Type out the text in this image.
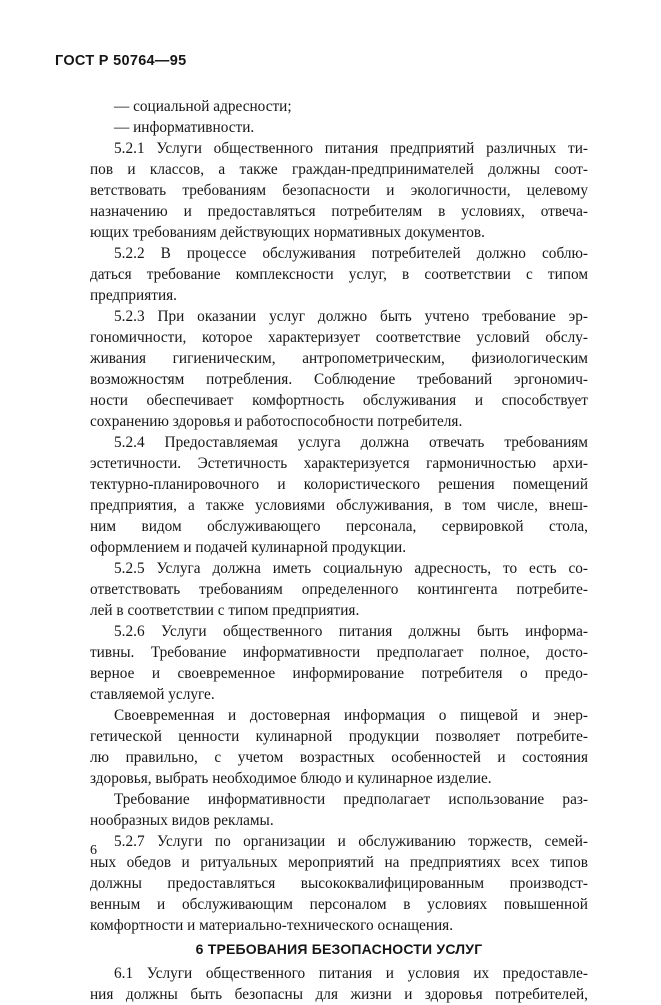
ГОСТ Р 50764—95
— социальной адресности;
— информативности.
5.2.1 Услуги общественного питания предприятий различных ти-
пов и классов, а также граждан-предпринимателей должны соот-
ветствовать требованиям безопасности и экологичности, целевому
назначению и предоставляться потребителям в условиях, отвеча-
ющих требованиям действующих нормативных документов.
5.2.2 В процессе обслуживания потребителей должно соблю-
даться требование комплексности услуг, в соответствии с типом
предприятия.
5.2.3 При оказании услуг должно быть учтено требование эр-
гономичности, которое характеризует соответствие условий обслу-
живания гигиеническим, антропометрическим, физиологическим
возможностям потребления. Соблюдение требований эргономич-
ности обеспечивает комфортность обслуживания и способствует
сохранению здоровья и работоспособности потребителя.
5.2.4 Предоставляемая услуга должна отвечать требованиям
эстетичности. Эстетичность характеризуется гармоничностью архи-
тектурно-планировочного и колористического решения помещений
предприятия, а также условиями обслуживания, в том числе, внеш-
ним видом обслуживающего персонала, сервировкой стола,
оформлением и подачей кулинарной продукции.
5.2.5 Услуга должна иметь социальную адресность, то есть со-
ответствовать требованиям определенного контингента потребите-
лей в соответствии с типом предприятия.
5.2.6 Услуги общественного питания должны быть информа-
тивны. Требование информативности предполагает полное, досто-
верное и своевременное информирование потребителя о предо-
ставляемой услуге.
Своевременная и достоверная информация о пищевой и энер-
гетической ценности кулинарной продукции позволяет потребите-
лю правильно, с учетом возрастных особенностей и состояния
здоровья, выбрать необходимое блюдо и кулинарное изделие.
Требование информативности предполагает использование раз-
нообразных видов рекламы.
5.2.7 Услуги по организации и обслуживанию торжеств, семей-
ных обедов и ритуальных мероприятий на предприятиях всех типов
должны предоставляться высококвалифицированным производст-
венным и обслуживающим персоналом в условиях повышенной
комфортности и материально-технического оснащения.
6 ТРЕБОВАНИЯ БЕЗОПАСНОСТИ УСЛУГ
6.1 Услуги общественного питания и условия их предоставле-
ния должны быть безопасны для жизни и здоровья потребителей,
6
